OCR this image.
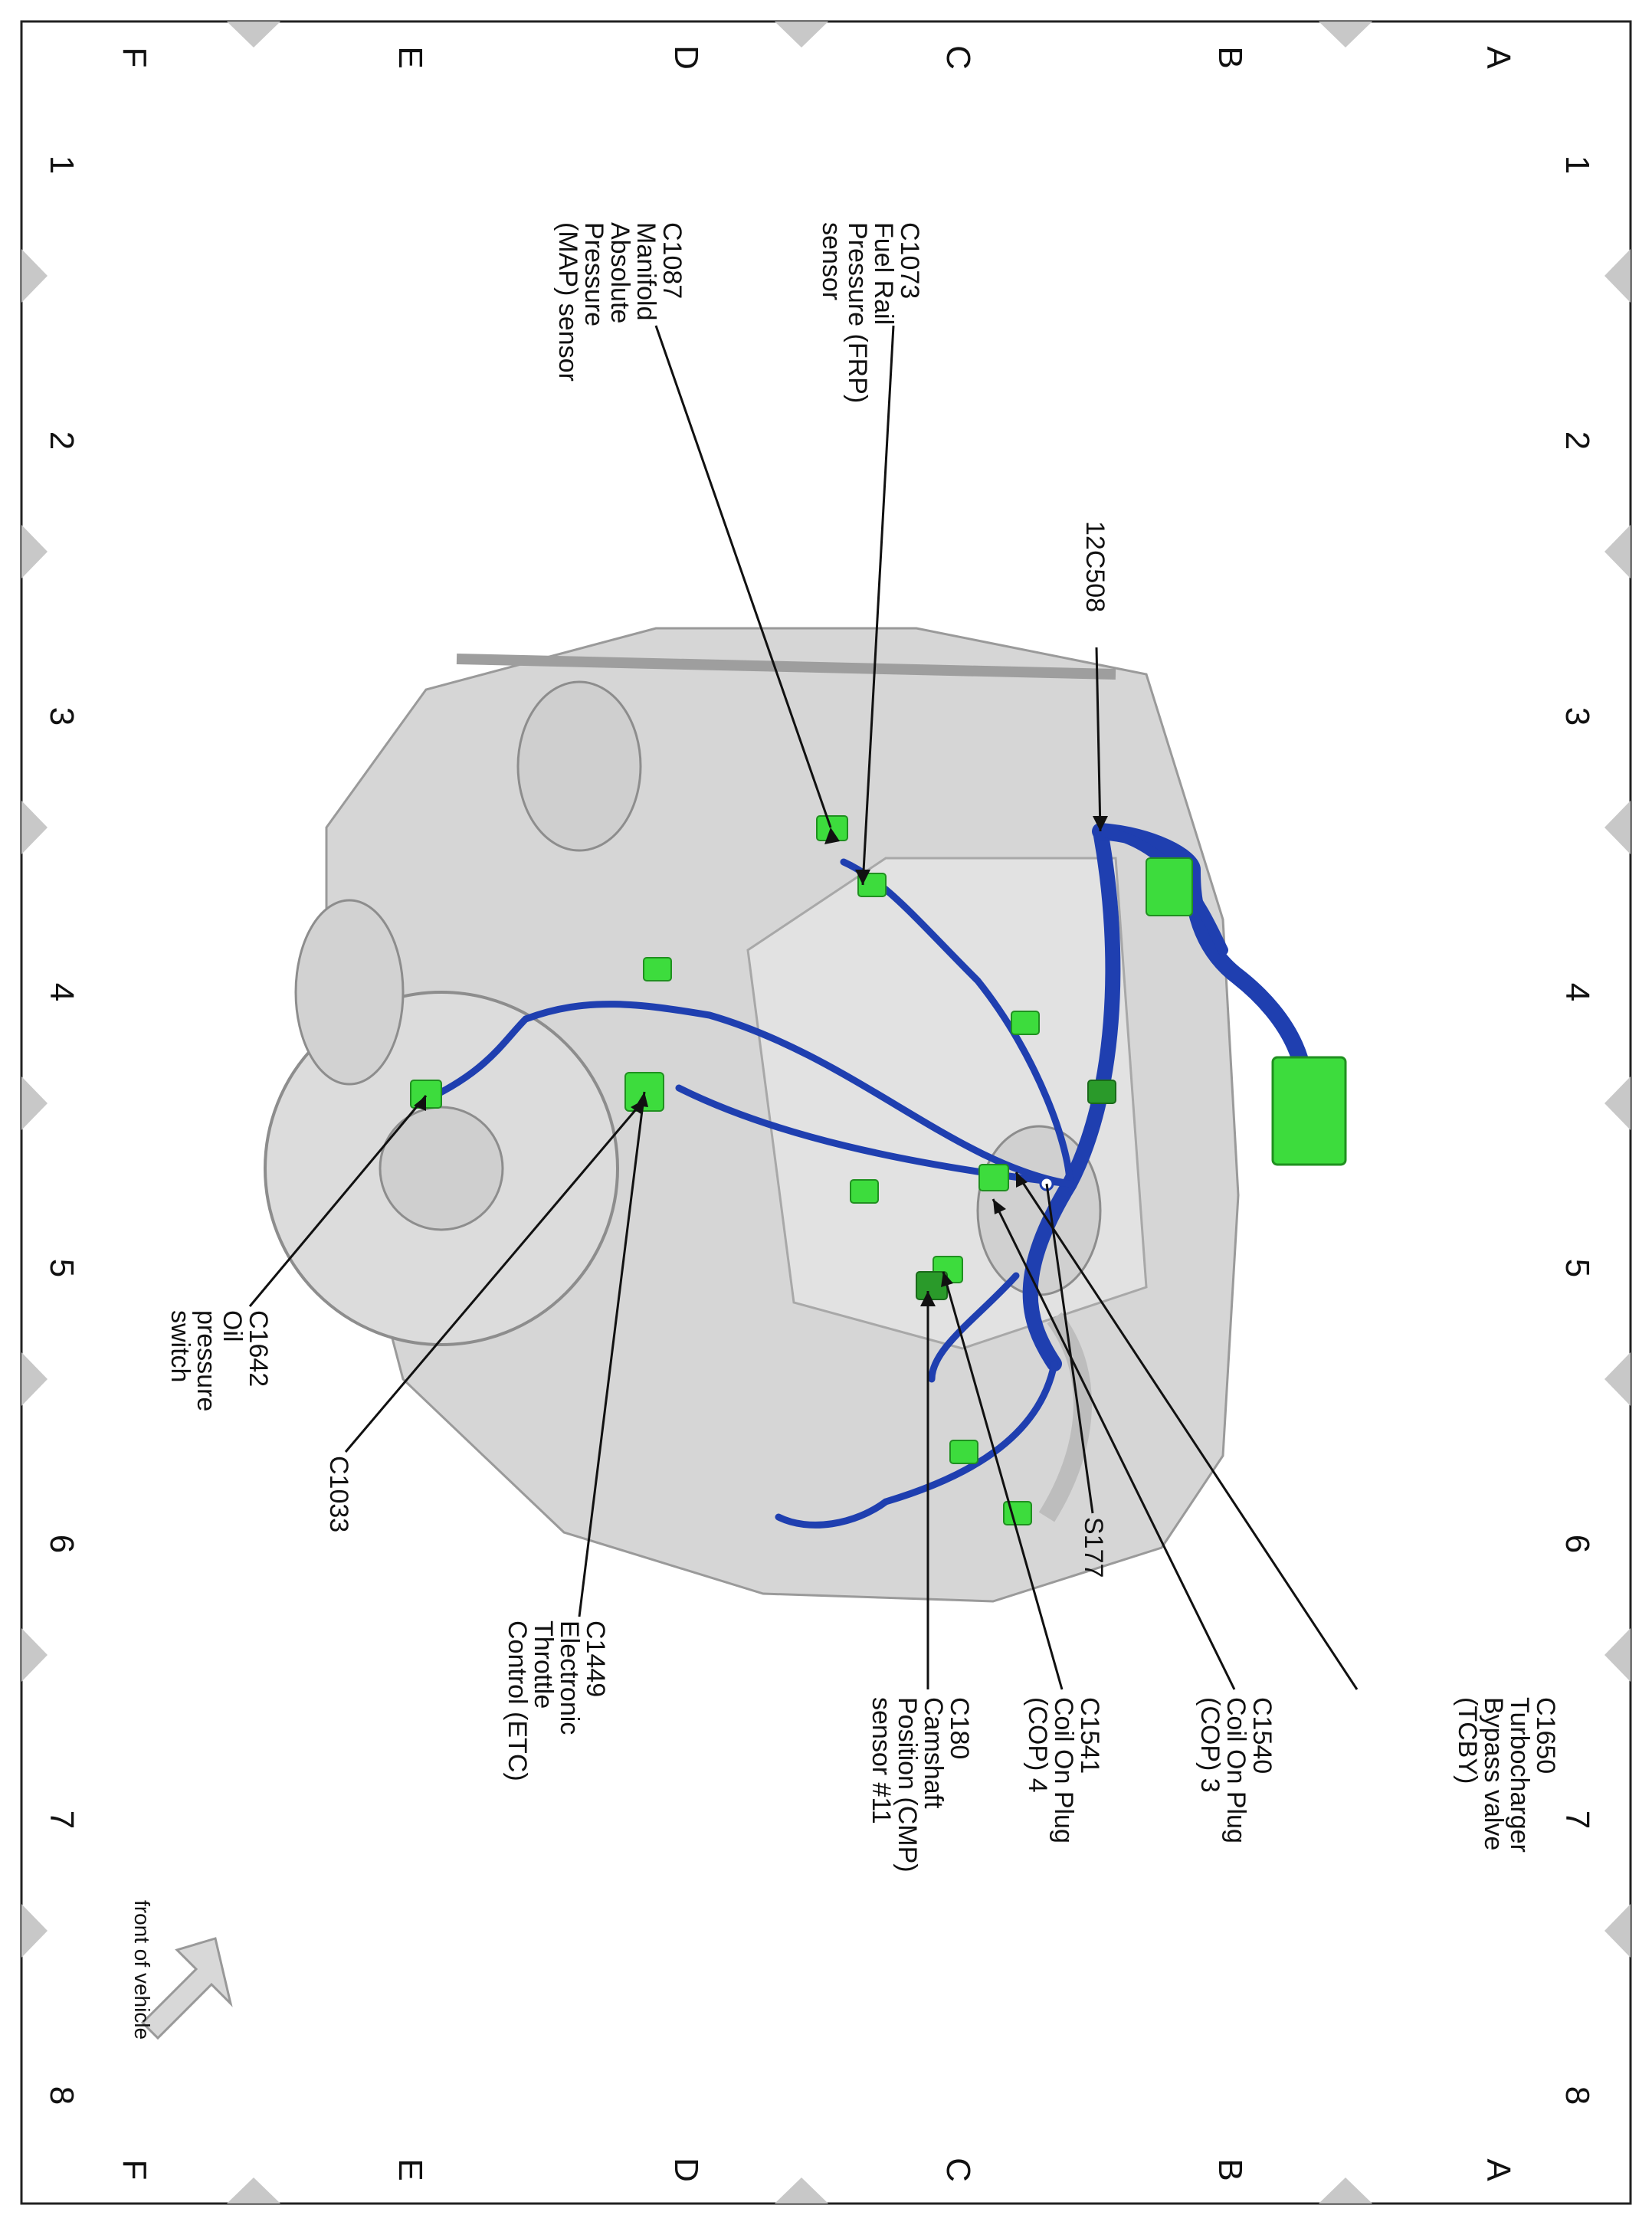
1
2
3
4
5
6
7
8
1
2
3
4
5
6
7
8
A
B
C
D
E
F
A
B
C
D
E
F
C1073
Fuel Rail
Pressure (FRP)
sensor
C1087
Manifold
Absolute
Pressure
(MAP) sensor
12C508
C1650
Turbocharger
Bypass valve
(TCBY)
C1540
Coil On Plug
(COP) 3
C1541
Coil On Plug
(COP) 4
C180
Camshaft
Position (CMP)
sensor #11
S177
C1449
Electronic
Throttle
Control (ETC)
C1033
C1642
Oil
pressure
switch
front of vehicle
